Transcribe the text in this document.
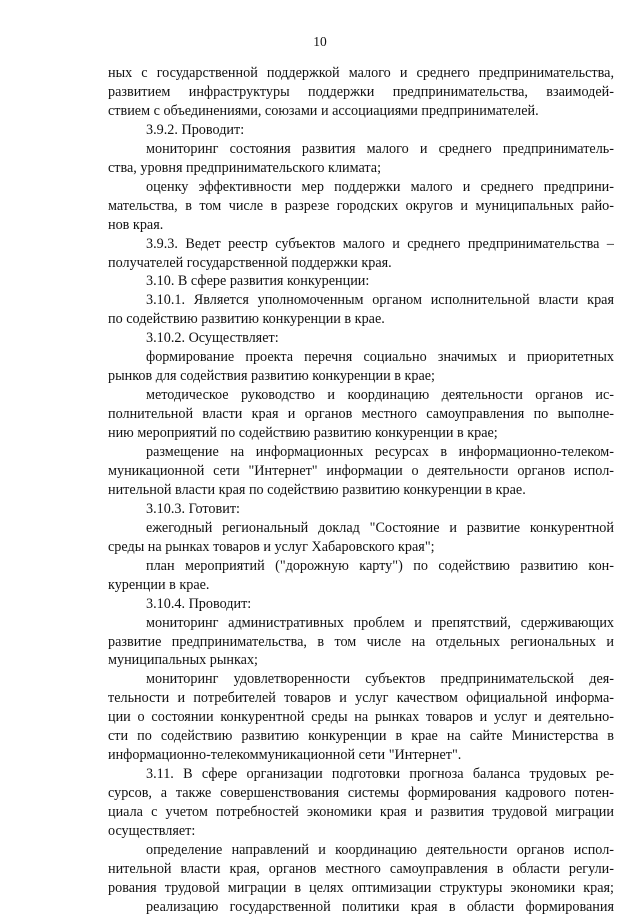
10
ных с государственной поддержкой малого и среднего предпринимательства,
развитием инфраструктуры поддержки предпринимательства, взаимодей-
ствием с объединениями, союзами и ассоциациями предпринимателей.
3.9.2. Проводит:
мониторинг состояния развития малого и среднего предприниматель-
ства, уровня предпринимательского климата;
оценку эффективности мер поддержки малого и среднего предприни-
мательства, в том числе в разрезе городских округов и муниципальных райо-
нов края.
3.9.3. Ведет реестр субъектов малого и среднего предпринимательства –
получателей государственной поддержки края.
3.10. В сфере развития конкуренции:
3.10.1. Является уполномоченным органом исполнительной власти края
по содействию развитию конкуренции в крае.
3.10.2. Осуществляет:
формирование проекта перечня социально значимых и приоритетных
рынков для содействия развитию конкуренции в крае;
методическое руководство и координацию деятельности органов ис-
полнительной власти края и органов местного самоуправления по выполне-
нию мероприятий по содействию развитию конкуренции в крае;
размещение на информационных ресурсах в информационно-телеком-
муникационной сети "Интернет" информации о деятельности органов испол-
нительной власти края по содействию развитию конкуренции в крае.
3.10.3. Готовит:
ежегодный региональный доклад "Состояние и развитие конкурентной
среды на рынках товаров и услуг Хабаровского края";
план мероприятий ("дорожную карту") по содействию развитию кон-
куренции в крае.
3.10.4. Проводит:
мониторинг административных проблем и препятствий, сдерживающих
развитие предпринимательства, в том числе на отдельных региональных и
муниципальных рынках;
мониторинг удовлетворенности субъектов предпринимательской дея-
тельности и потребителей товаров и услуг качеством официальной информа-
ции о состоянии конкурентной среды на рынках товаров и услуг и деятельно-
сти по содействию развитию конкуренции в крае на сайте Министерства в
информационно-телекоммуникационной сети "Интернет".
3.11. В сфере организации подготовки прогноза баланса трудовых ре-
сурсов, а также совершенствования системы формирования кадрового потен-
циала с учетом потребностей экономики края и развития трудовой миграции
осуществляет:
определение направлений и координацию деятельности органов испол-
нительной власти края, органов местного самоуправления в области регули-
рования трудовой миграции в целях оптимизации структуры экономики края;
реализацию государственной политики края в области формирования
